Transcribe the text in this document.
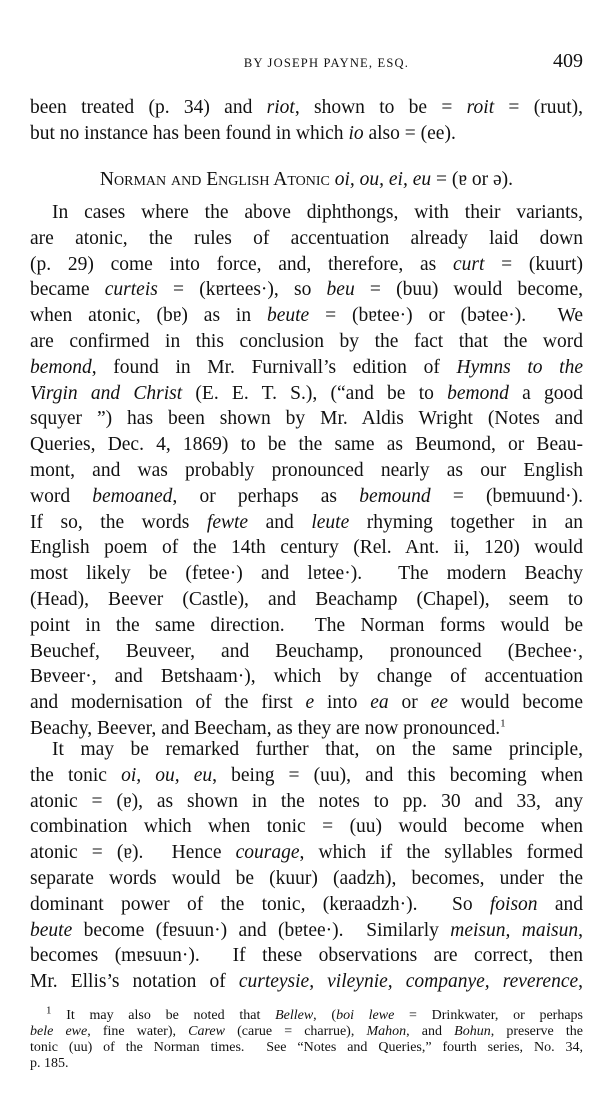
BY JOSEPH PAYNE, ESQ.	409
been treated (p. 34) and riot, shown to be = roit = (ruut),
but no instance has been found in which io also = (ee).
Norman and English Atonic oi, ou, ei, eu = (ɐ or ə).
In cases where the above diphthongs, with their variants,
are atonic, the rules of accentuation already laid down
(p. 29) come into force, and, therefore, as curt = (kuurt)
became curteis = (kɐrtees·), so beu = (buu) would become,
when atonic, (bɐ) as in beute = (bɐtee·) or (bətee·).  We
are confirmed in this conclusion by the fact that the word
bemond, found in Mr. Furnivall’s edition of Hymns to the
Virgin and Christ (E. E. T. S.), (“and be to bemond a good
squyer ”) has been shown by Mr. Aldis Wright (Notes and
Queries, Dec. 4, 1869) to be the same as Beumond, or Beau-
mont, and was probably pronounced nearly as our English
word bemoaned, or perhaps as bemound = (bɐmuund·).
If so, the words fewte and leute rhyming together in an
English poem of the 14th century (Rel. Ant. ii, 120) would
most likely be (fɐtee·) and lɐtee·).  The modern Beachy
(Head), Beever (Castle), and Beachamp (Chapel), seem to
point in the same direction.  The Norman forms would be
Beuchef, Beuveer, and Beuchamp, pronounced (Bɐchee·,
Bɐveer·, and Bɐtshaam·), which by change of accentuation
and modernisation of the first e into ea or ee would become
Beachy, Beever, and Beecham, as they are now pronounced.$^1$
It may be remarked further that, on the same principle,
the tonic oi, ou, eu, being = (uu), and this becoming when
atonic = (ɐ), as shown in the notes to pp. 30 and 33, any
combination which when tonic = (uu) would become when
atonic = (ɐ).  Hence courage, which if the syllables formed
separate words would be (kuur) (aadzh), becomes, under the
dominant power of the tonic, (kɐraadzh·).  So foison and
beute become (fɐsuun·) and (bɐtee·).  Similarly meisun, maisun,
becomes (mɐsuun·).  If these observations are correct, then
Mr. Ellis’s notation of curteysie, vileynie, companye, reverence,
$^1$ It may also be noted that Bellew, (boi lewe = Drinkwater, or perhaps
bele ewe, fine water), Carew (carue = charrue), Mahon, and Bohun, preserve the
tonic (uu) of the Norman times.  See “Notes and Queries,” fourth series, No. 34,
p. 185.
